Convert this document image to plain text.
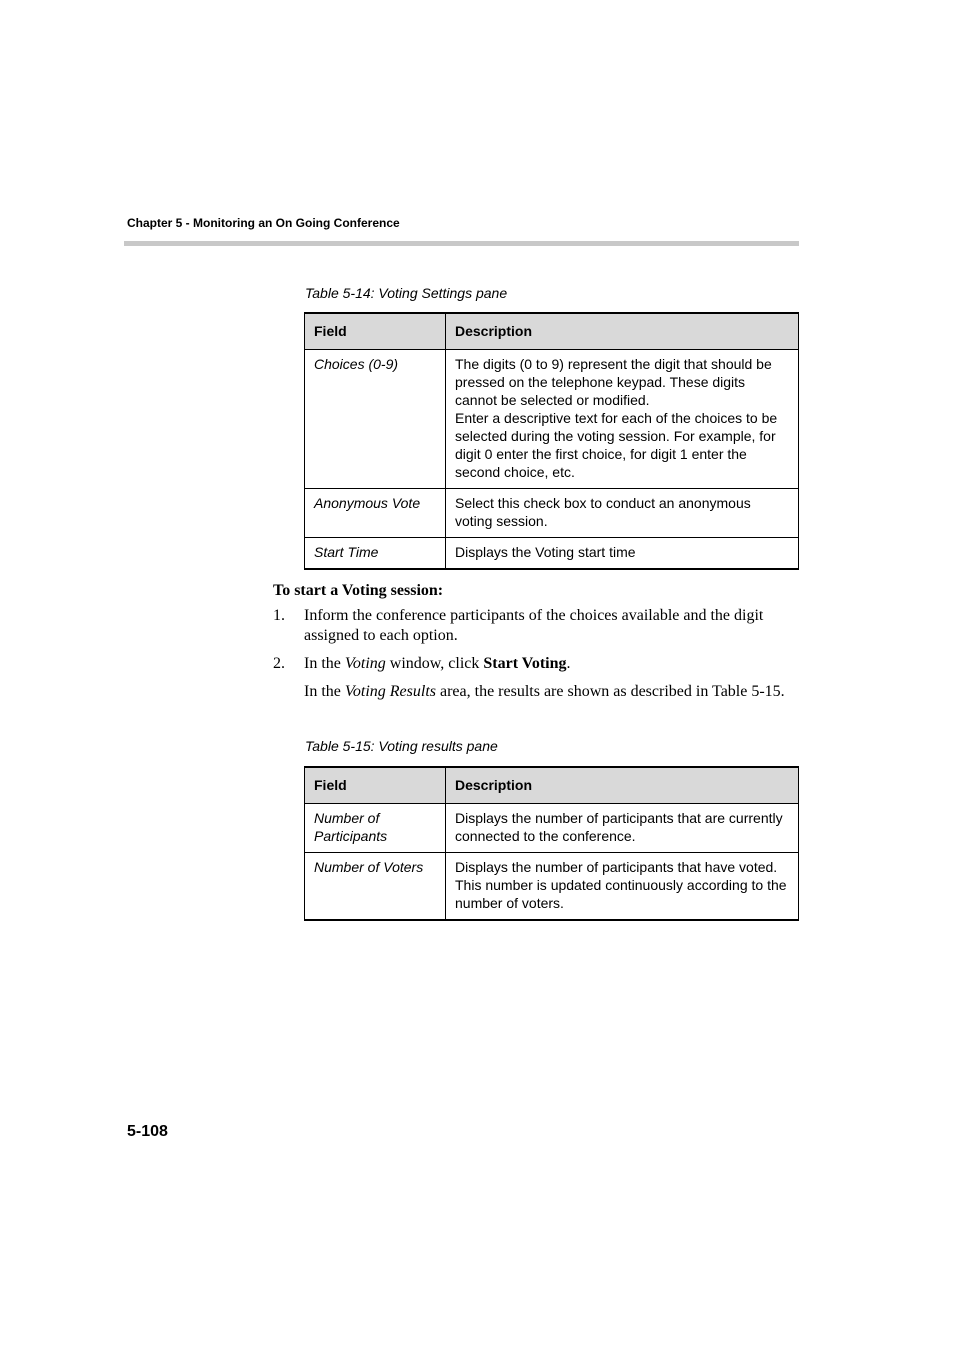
Chapter 5 - Monitoring an On Going Conference
Table 5-14: Voting Settings pane
Field	Description
Choices (0-9)	The digits (0 to 9) represent the digit that should be pressed on the telephone keypad. These digits cannot be selected or modified.
Enter a descriptive text for each of the choices to be selected during the voting session. For example, for digit 0 enter the first choice, for digit 1 enter the second choice, etc.

Anonymous Vote	Select this check box to conduct an anonymous voting session.
Start Time	Displays the Voting start time
To start a Voting session:
1. Inform the conference participants of the choices available and the digit assigned to each option.
2. In the Voting window, click Start Voting.
In the Voting Results area, the results are shown as described in Table 5-15.
Table 5-15: Voting results pane
Field	Description
Number of Participants	Displays the number of participants that are currently connected to the conference.
Number of Voters	Displays the number of participants that have voted. This number is updated continuously according to the number of voters.
5-108
